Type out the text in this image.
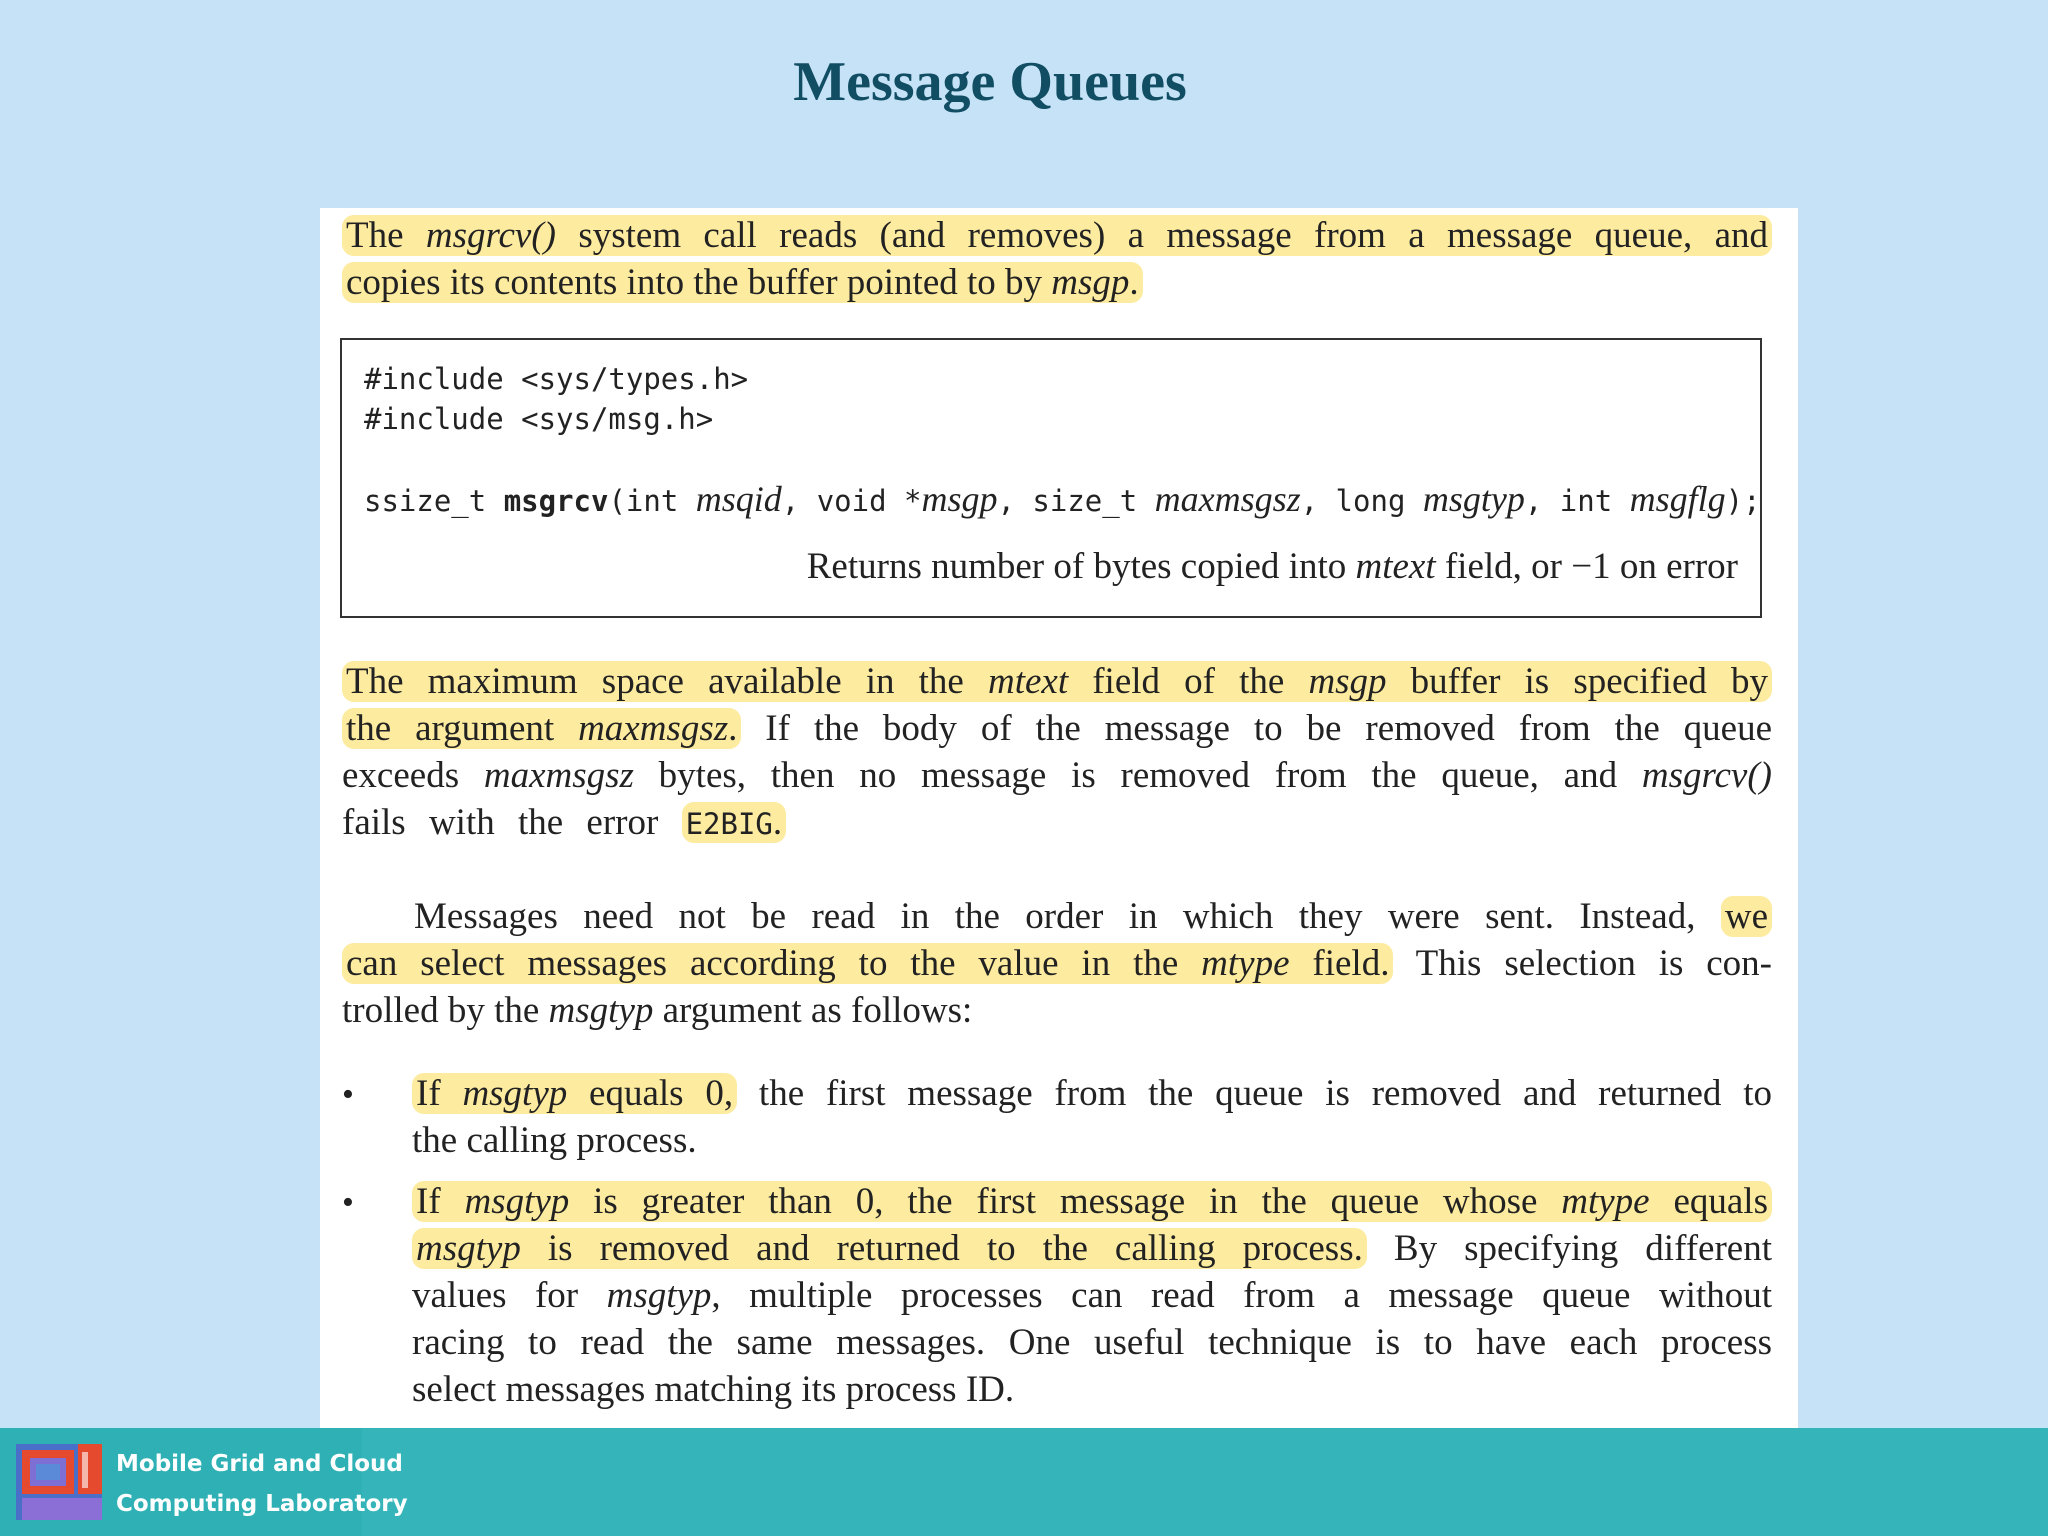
Message Queues
The msgrcv() system call reads (and removes) a message from a message queue, and
copies its contents into the buffer pointed to by msgp.
#include <sys/types.h>
#include <sys/msg.h>
ssize_t msgrcv(int msqid, void *msgp, size_t maxmsgsz, long msgtyp, int msgflg);
Returns number of bytes copied into mtext field, or −1 on error
The maximum space available in the mtext field of the msgp buffer is specified by
the argument maxmsgsz. If the body of the message to be removed from the queue
exceeds maxmsgsz bytes, then no message is removed from the queue, and msgrcv()
fails with the error E2BIG.
Messages need not be read in the order in which they were sent. Instead, we
can select messages according to the value in the mtype field. This selection is con-
trolled by the msgtyp argument as follows:
• If msgtyp equals 0, the first message from the queue is removed and returned to
the calling process.
• If msgtyp is greater than 0, the first message in the queue whose mtype equals
msgtyp is removed and returned to the calling process. By specifying different
values for msgtyp, multiple processes can read from a message queue without
racing to read the same messages. One useful technique is to have each process
select messages matching its process ID.
Mobile Grid and Cloud
Computing Laboratory
